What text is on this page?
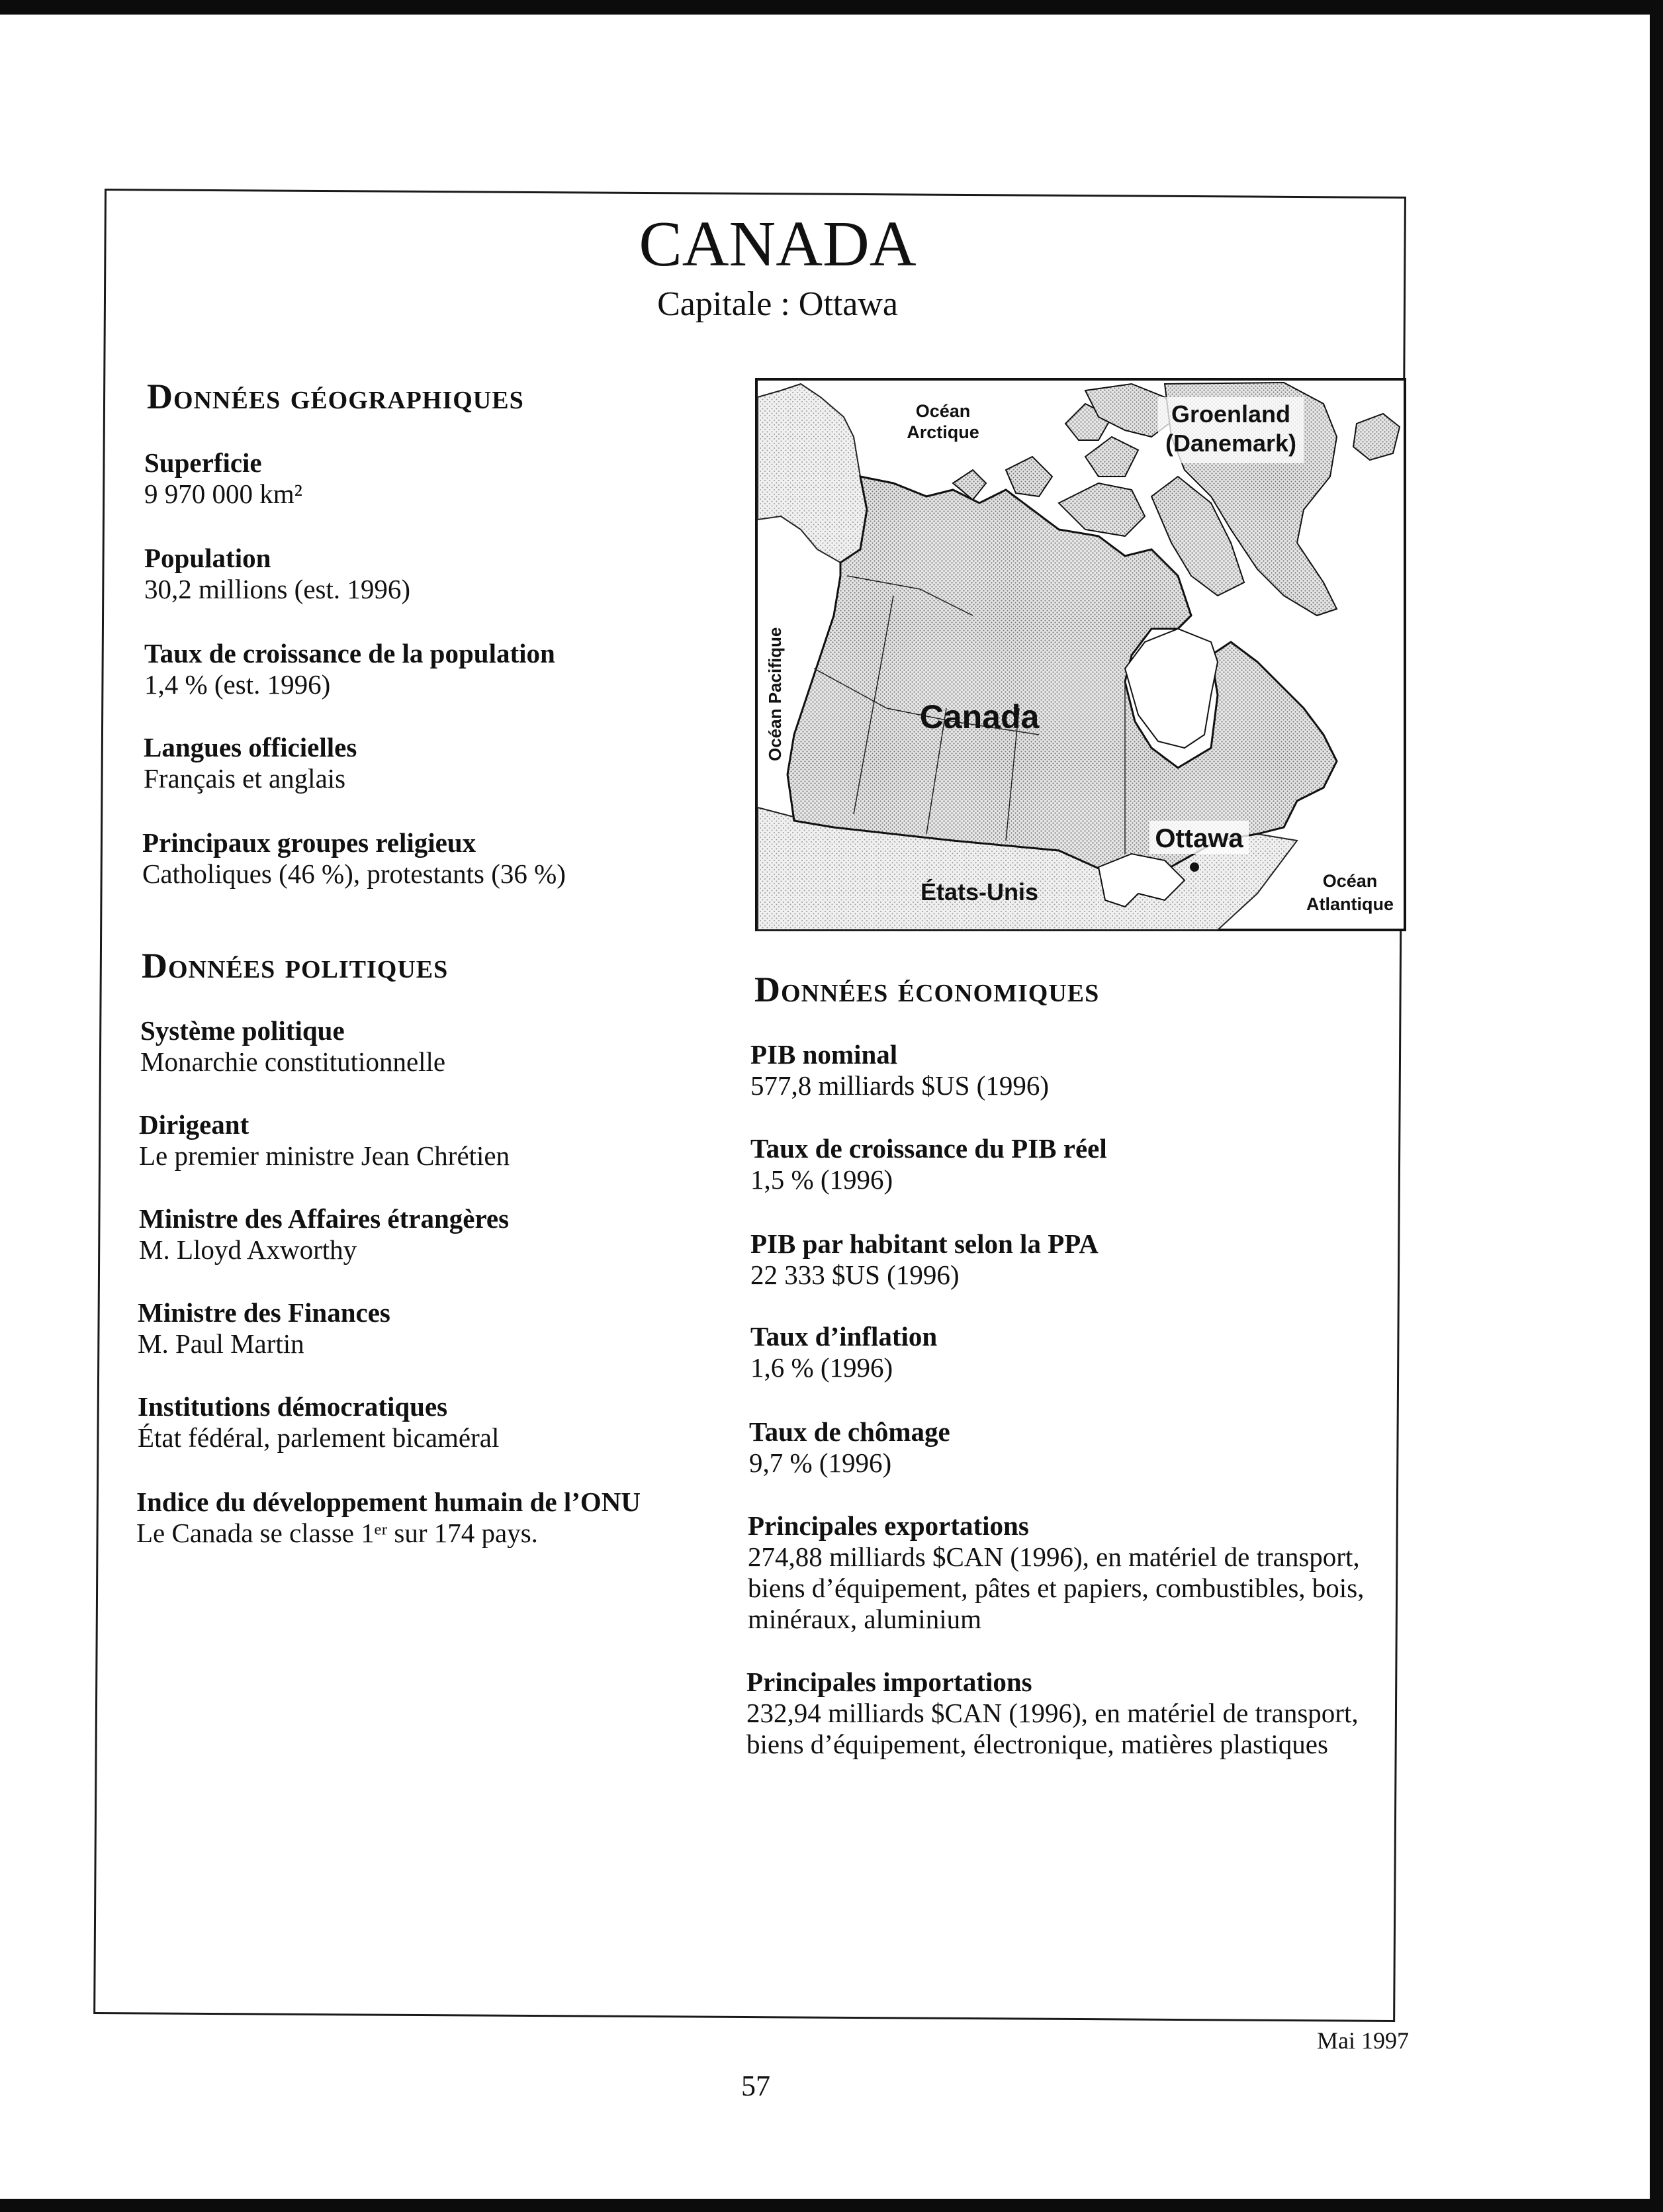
CANADA
Capitale : Ottawa
Données géographiques
Superficie
9 970 000 km²
Population
30,2 millions (est. 1996)
Taux de croissance de la population
1,4 % (est. 1996)
Langues officielles
Français et anglais
Principaux groupes religieux
Catholiques (46 %), protestants (36 %)
Données politiques
Système politique
Monarchie constitutionnelle
Dirigeant
Le premier ministre Jean Chrétien
Ministre des Affaires étrangères
M. Lloyd Axworthy
Ministre des Finances
M. Paul Martin
Institutions démocratiques
État fédéral, parlement bicaméral
Indice du développement humain de l’ONU
Le Canada se classe 1ᵉʳ sur 174 pays.
Océan
Arctique
Groenland
(Danemark)
Océan Pacifique	Canada
Ottawa
États-Unis	Océan
Atlantique
Données économiques
PIB nominal
577,8 milliards $US (1996)
Taux de croissance du PIB réel
1,5 % (1996)
PIB par habitant selon la PPA
22 333 $US (1996)
Taux d’inflation
1,6 % (1996)
Taux de chômage
9,7 % (1996)
Principales exportations
274,88 milliards $CAN (1996), en matériel de transport, biens d’équipement, pâtes et papiers, combustibles, bois, minéraux, aluminium
Principales importations
232,94 milliards $CAN (1996), en matériel de transport, biens d’équipement, électronique, matières plastiques
Mai 1997
57
